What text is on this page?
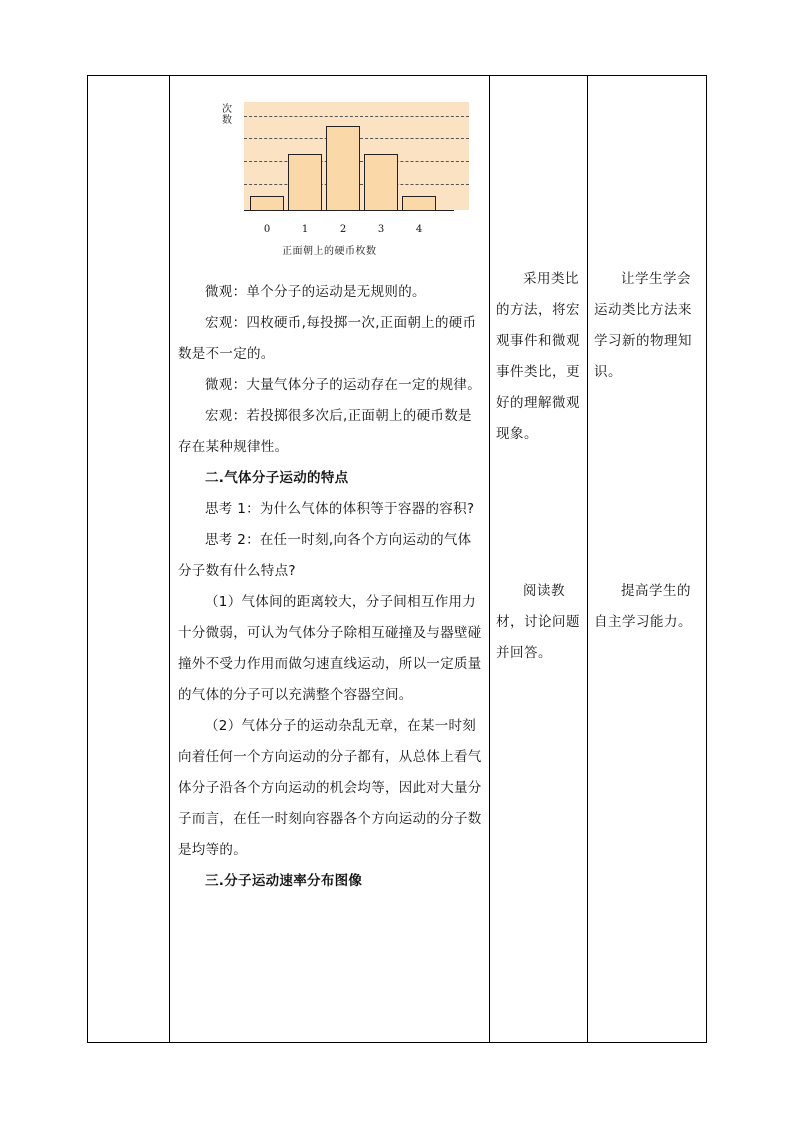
次数
0	1	2	3	4
正面朝上的硬币枚数

微观：单个分子的运动是无规则的。

宏观：四枚硬币,每投掷一次,正面朝上的硬币数是不一定的。

微观：大量气体分子的运动存在一定的规律。

宏观：若投掷很多次后,正面朝上的硬币数是存在某种规律性。

二.气体分子运动的特点

思考 1：为什么气体的体积等于容器的容积?

思考 2：在任一时刻,向各个方向运动的气体分子数有什么特点?

（1）气体间的距离较大，分子间相互作用力十分微弱，可认为气体分子除相互碰撞及与器壁碰撞外不受力作用而做匀速直线运动，所以一定质量的气体的分子可以充满整个容器空间。

（2）气体分子的运动杂乱无章，在某一时刻向着任何一个方向运动的分子都有，从总体上看气体分子沿各个方向运动的机会均等，因此对大量分子而言，在任一时刻向容器各个方向运动的分子数是均等的。

三.分子运动速率分布图像

采用类比的方法，将宏观事件和微观事件类比，更好的理解微观现象。

阅读教材，讨论问题并回答。

让学生学会运动类比方法来学习新的物理知识。

提高学生的自主学习能力。
